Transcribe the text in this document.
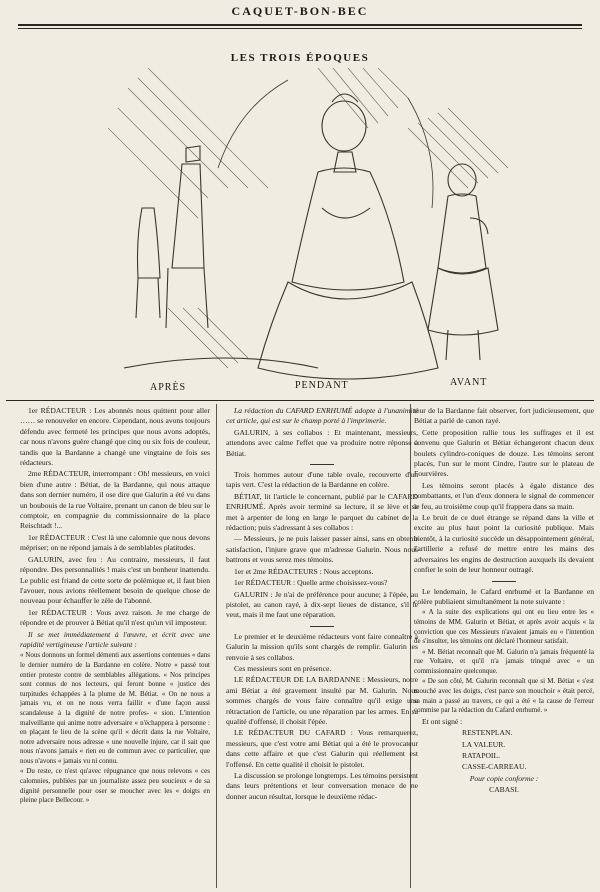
CAQUET-BON-BEC
LES TROIS ÉPOQUES
APRÈS	PENDANT	AVANT

1er RÉDACTEUR : Les abonnés nous quittent pour aller …… se renouveler en encore. Cependant, nous avons toujours défendu avec fermeté les principes que nous avons adoptés, car nous n'avons guère changé que cinq ou six fois de couleur, tandis que la Bardanne a changé une vingtaine de fois ses rédacteurs.

2me RÉDACTEUR, interrompant : Oh! messieurs, en voici bien d'une autre : Bétiat, de la Bardanne, qui nous attaque dans son dernier numéro, il ose dire que Galurin a été vu dans un boubouis de la rue Voltaire, prenant un canon de bleu sur le comptoir, en compagnie du commissionnaire de la place Reischtadt !...

1er RÉDACTEUR : C'est là une calomnie que nous devons mépriser; on ne répond jamais à de semblables platitudes.

GALURIN, avec feu : Au contraire, messieurs, il faut répondre. Des personnalités ! mais c'est un bonheur inattendu. Le public est friand de cette sorte de polémique et, il faut bien l'avouer, nous avions réellement besoin de quelque chose de nouveau pour échauffer le zèle de l'abonné.

1er RÉDACTEUR : Vous avez raison. Je me charge de répondre et de prouver à Bétiat qu'il n'est qu'un vil imposteur.

Il se met immédiatement à l'œuvre, et écrit avec une rapidité vertigineuse l'article suivant :

« Nous donnons un formel démenti aux assertions contenues « dans le dernier numéro de la Bardanne en colère. Notre « passé tout entier proteste contre de semblables allégations. « Nos principes sont connus de nos lecteurs, qui feront bonne « justice des turpitudes échappées à la plume de M. Bétiat. « On ne nous a jamais vu, et on ne nous verra faillir « d'une façon aussi scandaleuse à la dignité de notre profes- « sion. L'intention malveillante qui anime notre adversaire « n'échappera à personne : en plaçant le lieu de la scène qu'il « décrit dans la rue Voltaire, notre adversaire nous adresse « une nouvelle injure, car il sait que nous n'avons jamais « rien eu de commun avec ce particulier, que nous n'avons « jamais vu ni connu.

« Du reste, ce n'est qu'avec répugnance que nous relevons « ces calomnies, publiées par un journaliste assez peu soucieux « de sa dignité personnelle pour oser se moucher avec les « doigts en pleine place Bellecour. »

La rédaction du CAFARD ENRHUMÉ adopte à l'unanimité cet article, qui est sur le champ porté à l'imprimerie.

GALURIN, à ses collabos : Et maintenant, messieurs, attendons avec calme l'effet que va produire notre réponse à Bétiat.

Trois hommes autour d'une table ovale, recouverte d'un tapis vert. C'est la rédaction de la Bardanne en colère.

BÉTIAT, lit l'article le concernant, publié par le CAFARD ENRHUMÉ. Après avoir terminé sa lecture, il se lève et se met à arpenter de long en large le parquet du cabinet de la rédaction; puis s'adressant à ses collabos :

— Messieurs, je ne puis laisser passer ainsi, sans en obtenir satisfaction, l'injure grave que m'adresse Galurin. Nous nous battrons et vous serez mes témoins.

1er et 2me RÉDACTEURS : Nous acceptons.

1er RÉDACTEUR : Quelle arme choisissez-vous?

GALURIN : Je n'ai de préférence pour aucune; à l'épée, au pistolet, au canon rayé, à dix-sept lieues de distance, s'il le veut, mais il me faut une réparation.

Le premier et le deuxième rédacteurs vont faire connaître à Galurin la mission qu'ils sont chargés de remplir. Galurin les renvoie à ses collabos.

Ces messieurs sont en présence.

LE RÉDACTEUR DE LA BARDANNE : Messieurs, notre ami Bétiat a été gravement insulté par M. Galurin. Nous sommes chargés de vous faire connaître qu'il exige une rétractation de l'article, ou une réparation par les armes. En sa qualité d'offensé, il choisit l'épée.

LE RÉDACTEUR DU CAFARD : Vous remarquerez, messieurs, que c'est votre ami Bétiat qui a été le provocateur dans cette affaire et que c'est Galurin qui réellement est l'offensé. En cette qualité il choisit le pistolet.

La discussion se prolonge longtemps. Les témoins persistent dans leurs prétentions et leur conversation menace de ne donner aucun résultat, lorsque le deuxième rédac-

teur de la Bardanne fait observer, fort judicieusement, que Bétiat a parlé de canon rayé.

Cette proposition rallie tous les suffrages et il est convenu que Galurin et Bétiat échangeront chacun deux boulets cylindro-coniques de douze. Les témoins seront placés, l'un sur le mont Cindre, l'autre sur le plateau de Fourvières.

Les témoins seront placés à égale distance des combattants, et l'un d'eux donnera le signal de commencer le feu, au troisième coup qu'il frappera dans sa main.

Le bruit de ce duel étrange se répand dans la ville et excite au plus haut point la curiosité publique. Mais bientôt, à la curiosité succède un désappointement général, l'artillerie a refusé de mettre entre les mains des adversaires les engins de destruction auxquels ils devaient confier le soin de leur honneur outragé.

Le lendemain, le Cafard enrhumé et la Bardanne en colère publiaient simultanément la note suivante :

« A la suite des explications qui ont eu lieu entre les « témoins de MM. Galurin et Bétiat, et après avoir acquis « la conviction que ces Messieurs n'avaient jamais eu « l'intention de s'insulter, les témoins ont déclaré l'honneur satisfait.

« M. Bétiat reconnaît que M. Galurin n'a jamais fréquenté la rue Voltaire, et qu'il n'a jamais trinqué avec « un commissionnaire quelconque.

« De son côté, M. Galurin reconnaît que si M. Bétiat « s'est mouché avec les doigts, c'est parce son mouchoir « était percé, sa main a passé au travers, ce qui a été « la cause de l'erreur commise par la rédaction du Cafard enrhumé. »

Et ont signé :

RESTENPLAN.

LA VALEUR.

RATAPOIL.

CASSE-CARREAU.

Pour copie conforme :

CABASI.
